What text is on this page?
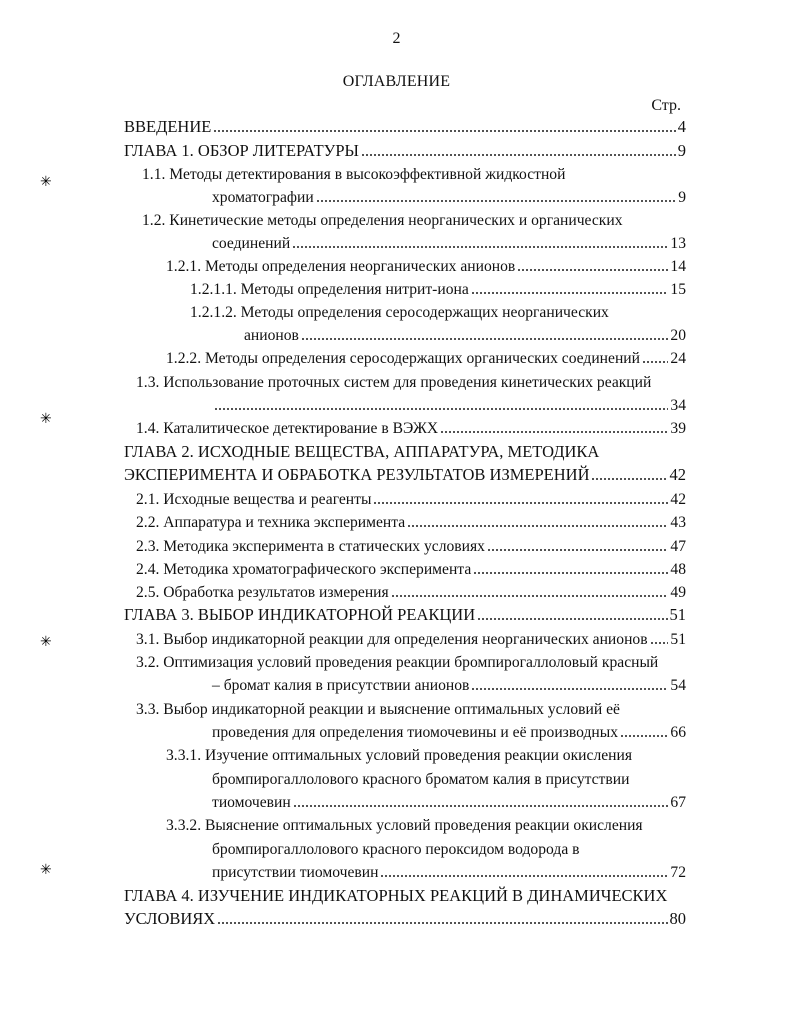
2
ОГЛАВЛЕНИЕ
Стр.
ВВЕДЕНИЕ	4
ГЛАВА 1. ОБЗОР ЛИТЕРАТУРЫ	9
1.1. Методы детектирования в высокоэффективной жидкостной
хроматографии	9
1.2. Кинетические методы определения неорганических и органических
соединений	13
1.2.1. Методы определения неорганических анионов	14
1.2.1.1. Методы определения нитрит-иона	15
1.2.1.2. Методы определения серосодержащих неорганических
анионов	20
1.2.2. Методы определения серосодержащих органических соединений 24
1.3. Использование проточных систем для проведения кинетических реакций
34
1.4. Каталитическое детектирование в ВЭЖХ	39
ГЛАВА 2. ИСХОДНЫЕ ВЕЩЕСТВА, АППАРАТУРА, МЕТОДИКА
ЭКСПЕРИМЕНТА И ОБРАБОТКА РЕЗУЛЬТАТОВ ИЗМЕРЕНИЙ	42
2.1. Исходные вещества и реагенты	42
2.2. Аппаратура и техника эксперимента	43
2.3. Методика эксперимента в статических условиях	47
2.4. Методика хроматографического эксперимента	48
2.5. Обработка результатов измерения	49
ГЛАВА 3. ВЫБОР ИНДИКАТОРНОЙ РЕАКЦИИ	51
3.1. Выбор индикаторной реакции для определения неорганических анионов 51
3.2. Оптимизация условий проведения реакции бромпирогаллоловый красный
– бромат калия в присутствии анионов	54
3.3. Выбор индикаторной реакции и выяснение оптимальных условий её
проведения для определения тиомочевины и её производных	66
3.3.1. Изучение оптимальных условий проведения реакции окисления
бромпирогаллолового красного броматом калия в присутствии
тиомочевин	67
3.3.2. Выяснение оптимальных условий проведения реакции окисления
бромпирогаллолового красного пероксидом водорода в
присутствии тиомочевин	72
ГЛАВА 4. ИЗУЧЕНИЕ ИНДИКАТОРНЫХ РЕАКЦИЙ В ДИНАМИЧЕСКИХ
УСЛОВИЯХ	80
✳
✳
✳
✳
